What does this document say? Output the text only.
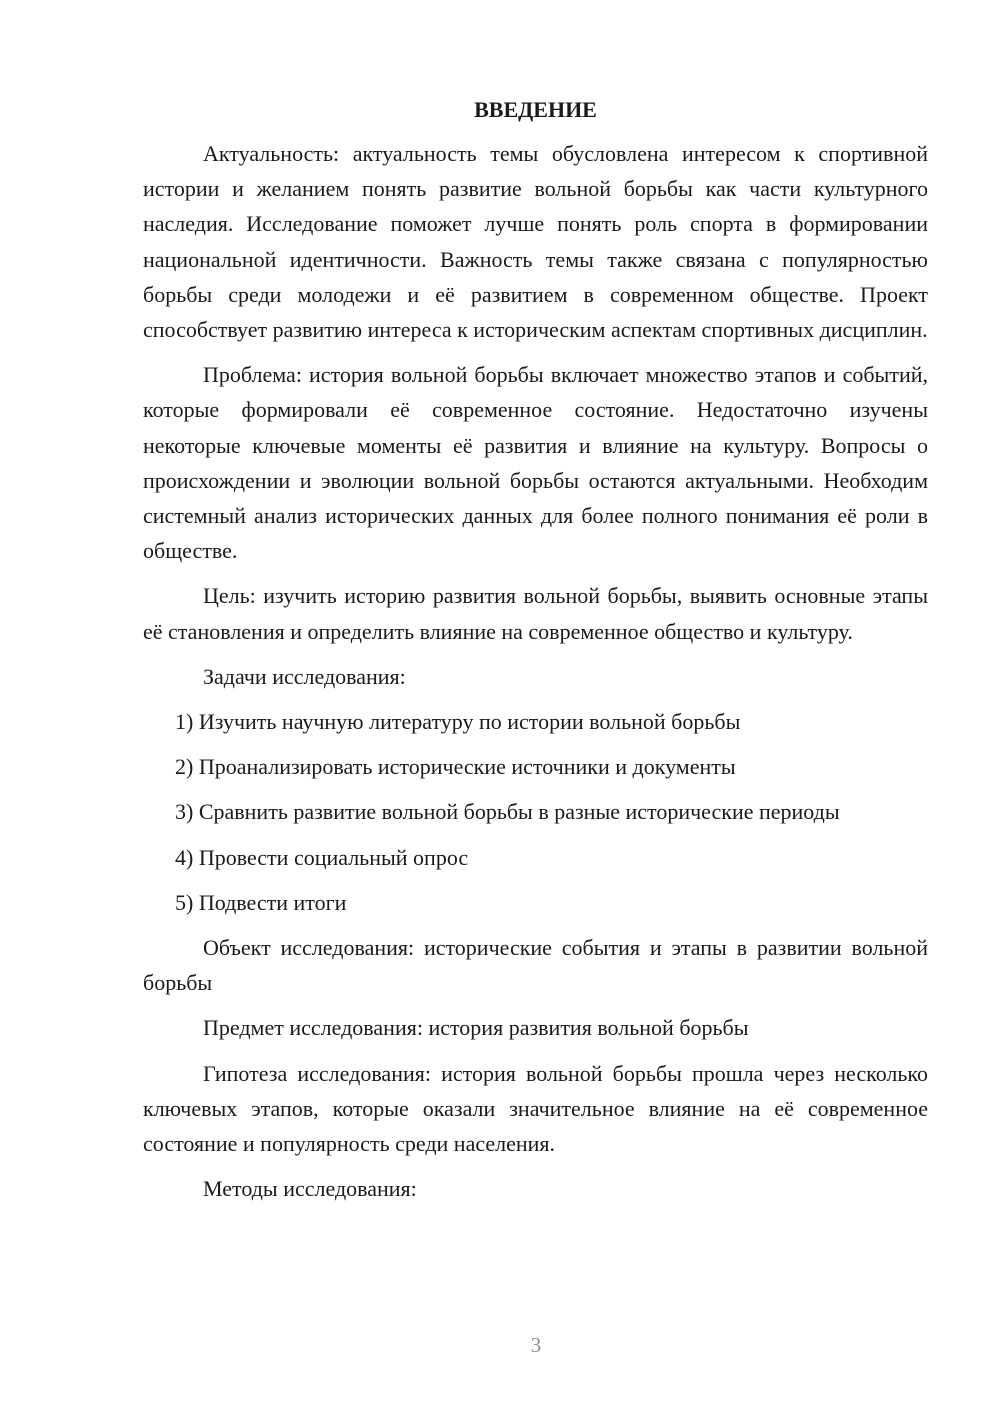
ВВЕДЕНИЕ

Актуальность: актуальность темы обусловлена интересом к спортивной истории и желанием понять развитие вольной борьбы как части культурного наследия. Исследование поможет лучше понять роль спорта в формировании национальной идентичности. Важность темы также связана с популярностью борьбы среди молодежи и её развитием в современном обществе. Проект способствует развитию интереса к историческим аспектам спортивных дисциплин.

Проблема: история вольной борьбы включает множество этапов и событий, которые формировали её современное состояние. Недостаточно изучены некоторые ключевые моменты её развития и влияние на культуру. Вопросы о происхождении и эволюции вольной борьбы остаются актуальными. Необходим системный анализ исторических данных для более полного понимания её роли в обществе.

Цель: изучить историю развития вольной борьбы, выявить основные этапы её становления и определить влияние на современное общество и культуру.

Задачи исследования:

1) Изучить научную литературу по истории вольной борьбы

2) Проанализировать исторические источники и документы

3) Сравнить развитие вольной борьбы в разные исторические периоды

4) Провести социальный опрос

5) Подвести итоги

Объект исследования: исторические события и этапы в развитии вольной борьбы

Предмет исследования: история развития вольной борьбы

Гипотеза исследования: история вольной борьбы прошла через несколько ключевых этапов, которые оказали значительное влияние на её современное состояние и популярность среди населения.

Методы исследования:

3
